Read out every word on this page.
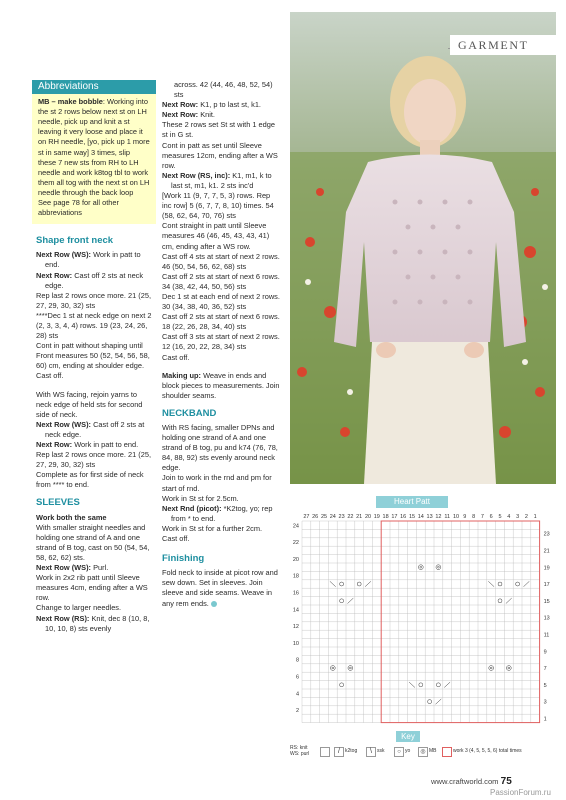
Abbreviations

MB – make bobble: Working into the st 2 rows below next st on LH needle, pick up and knit a st leaving it very loose and place it on RH needle, [yo, pick up 1 more st in same way] 3 times, slip these 7 new sts from RH to LH needle and work k8tog tbl to work them all tog with the next st on LH needle through the back loop

See page 78 for all other abbreviations

Shape front neck

Next Row (WS): Work in patt to end.

Next Row: Cast off 2 sts at neck edge.

Rep last 2 rows once more. 21 (25, 27, 29, 30, 32) sts

****Dec 1 st at neck edge on next 2 (2, 3, 3, 4, 4) rows. 19 (23, 24, 26, 28) sts

Cont in patt without shaping until Front measures 50 (52, 54, 56, 58, 60) cm, ending at shoulder edge.

Cast off.

With WS facing, rejoin yarns to neck edge of held sts for second side of neck.

Next Row (WS): Cast off 2 sts at neck edge.

Next Row: Work in patt to end.

Rep last 2 rows once more. 21 (25, 27, 29, 30, 32) sts

Complete as for first side of neck from **** to end.

SLEEVES

Work both the same

With smaller straight needles and holding one strand of A and one strand of B tog, cast on 50 (54, 54, 58, 62, 62) sts.

Next Row (WS): Purl.

Work in 2x2 rib patt until Sleeve measures 4cm, ending after a WS row.

Change to larger needles.

Next Row (RS): Knit, dec 8 (10, 8, 10, 10, 8) sts evenly

across. 42 (44, 46, 48, 52, 54) sts

Next Row: K1, p to last st, k1.

Next Row: Knit.

These 2 rows set St st with 1 edge st in G st.

Cont in patt as set until Sleeve measures 12cm, ending after a WS row.

Next Row (RS, inc): K1, m1, k to last st, m1, k1. 2 sts inc'd

[Work 11 (9, 7, 7, 5, 3) rows. Rep inc row] 5 (6, 7, 7, 8, 10) times. 54 (58, 62, 64, 70, 76) sts

Cont straight in patt until Sleeve measures 46 (46, 45, 43, 43, 41) cm, ending after a WS row.

Cast off 4 sts at start of next 2 rows. 46 (50, 54, 56, 62, 68) sts

Cast off 2 sts at start of next 6 rows. 34 (38, 42, 44, 50, 56) sts

Dec 1 st at each end of next 2 rows. 30 (34, 38, 40, 36, 52) sts

Cast off 2 sts at start of next 6 rows. 18 (22, 26, 28, 34, 40) sts

Cast off 3 sts at start of next 2 rows. 12 (16, 20, 22, 28, 34) sts

Cast off.

Making up: Weave in ends and block pieces to measurements. Join shoulder seams.

NECKBAND

With RS facing, smaller DPNs and holding one strand of A and one strand of B tog, pu and k74 (76, 78, 84, 88, 92) sts evenly around neck edge.

Join to work in the rnd and pm for start of rnd.

Work in St st for 2.5cm.

Next Rnd (picot): *K2tog, yo; rep from * to end.

Work in St st for a further 2cm.

Cast off.

Finishing

Fold neck to inside at picot row and sew down. Set in sleeves. Join sleeve and side seams. Weave in any rem ends.

GARMENT
Heart Patt
27 26 25 24 23 22 21 20 19 18 17 16 15 14 13 12 11 10 9 8 7 6 5 4 3 2 1
24
22
20
18
16
14
12
10
8
6
4
2
23
21
19
17
15
13
11
9
7
5
3
1
Key
RS: knit
WS: purl	/	k2tog	\	ssk	○ yo	◎ MB	work 3 (4, 5, 5, 5, 6) total times
www.craftworld.com 75
PassionForum.ru
